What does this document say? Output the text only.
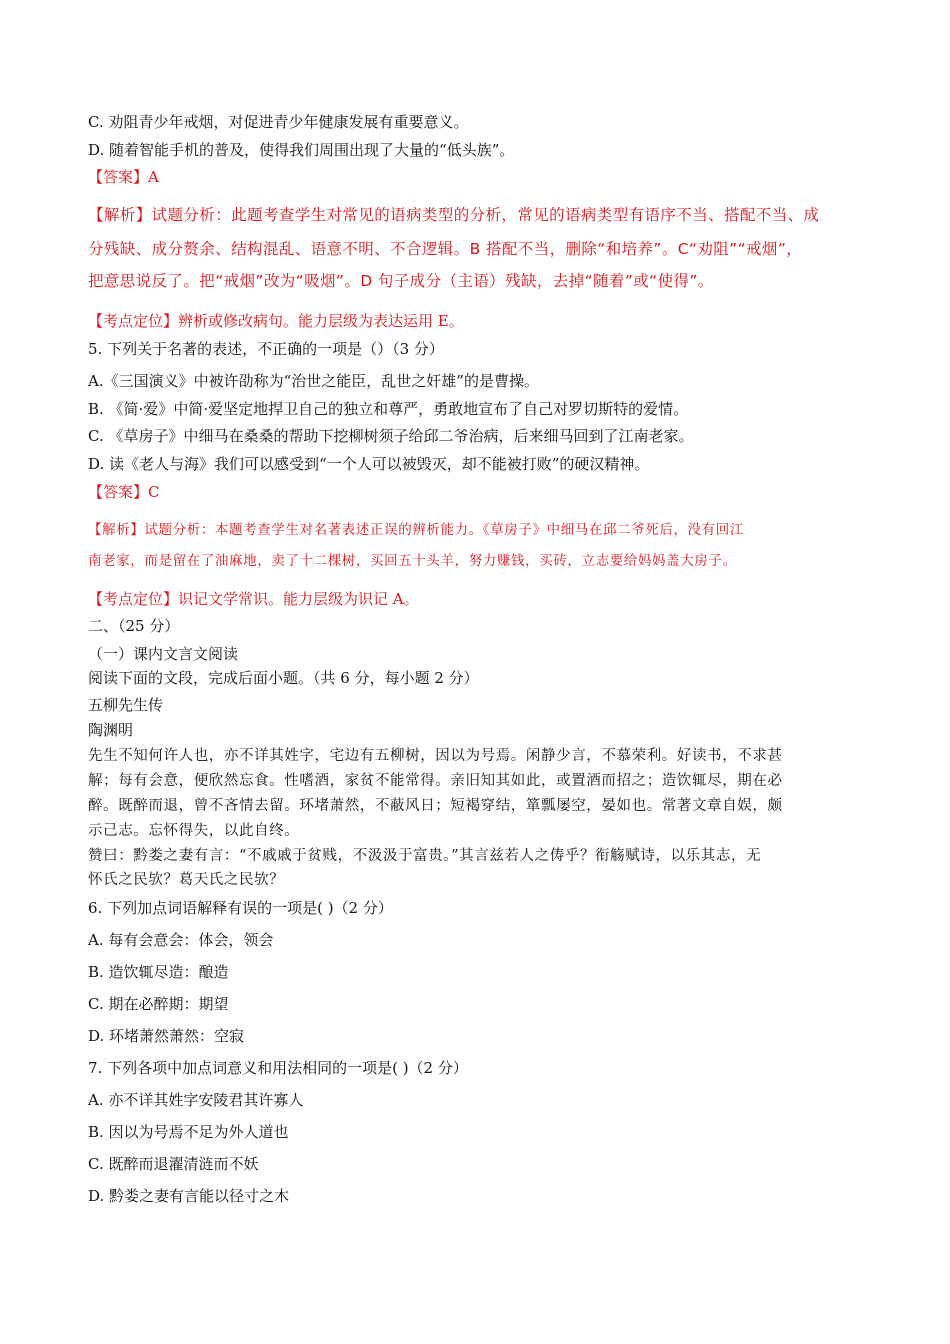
C. 劝阻青少年戒烟，对促进青少年健康发展有重要意义。
D. 随着智能手机的普及，使得我们周围出现了大量的“低头族”。
【答案】A
【解析】试题分析：此题考查学生对常见的语病类型的分析，常见的语病类型有语序不当、搭配不当、成
分残缺、成分赘余、结构混乱、语意不明、不合逻辑。B 搭配不当，删除“和培养”。C“劝阻”“戒烟”，
把意思说反了。把“戒烟”改为“吸烟”。D 句子成分（主语）残缺，去掉“随着”或“使得”。
【考点定位】辨析或修改病句。能力层级为表达运用 E。
5. 下列关于名著的表述，不正确的一项是（）（3 分）
A.《三国演义》中被许劭称为“治世之能臣，乱世之奸雄”的是曹操。
B. 《简·爱》中简·爱坚定地捍卫自己的独立和尊严，勇敢地宣布了自己对罗切斯特的爱情。
C. 《草房子》中细马在桑桑的帮助下挖柳树须子给邱二爷治病，后来细马回到了江南老家。
D. 读《老人与海》我们可以感受到“一个人可以被毁灭，却不能被打败”的硬汉精神。
【答案】C
【解析】试题分析：本题考查学生对名著表述正误的辨析能力。《草房子》中细马在邱二爷死后，没有回江
南老家，而是留在了油麻地，卖了十二棵树，买回五十头羊，努力赚钱，买砖，立志要给妈妈盖大房子。
【考点定位】识记文学常识。能力层级为识记 A。
二、（25 分）
（一）课内文言文阅读
阅读下面的文段，完成后面小题。（共 6 分，每小题 2 分）
五柳先生传
陶渊明
先生不知何许人也，亦不详其姓字，宅边有五柳树，因以为号焉。闲静少言，不慕荣利。好读书，不求甚
解；每有会意，便欣然忘食。性嗜酒，家贫不能常得。亲旧知其如此，或置酒而招之；造饮辄尽，期在必
醉。既醉而退，曾不吝情去留。环堵萧然，不蔽风日；短褐穿结，箪瓢屡空，晏如也。常著文章自娱，颇
示己志。忘怀得失，以此自终。
赞曰：黔娄之妻有言：“不戚戚于贫贱，不汲汲于富贵。”其言兹若人之俦乎？衔觞赋诗，以乐其志，无
怀氏之民欤？葛天氏之民欤？
6. 下列加点词语解释有误的一项是( )（2 分）
A. 每有会意会：体会，领会
B. 造饮辄尽造：酿造
C. 期在必醉期：期望
D. 环堵萧然萧然：空寂
7. 下列各项中加点词意义和用法相同的一项是( )（2 分）
A. 亦不详其姓字安陵君其许寡人
B. 因以为号焉不足为外人道也
C. 既醉而退濯清涟而不妖
D. 黔娄之妻有言能以径寸之木
